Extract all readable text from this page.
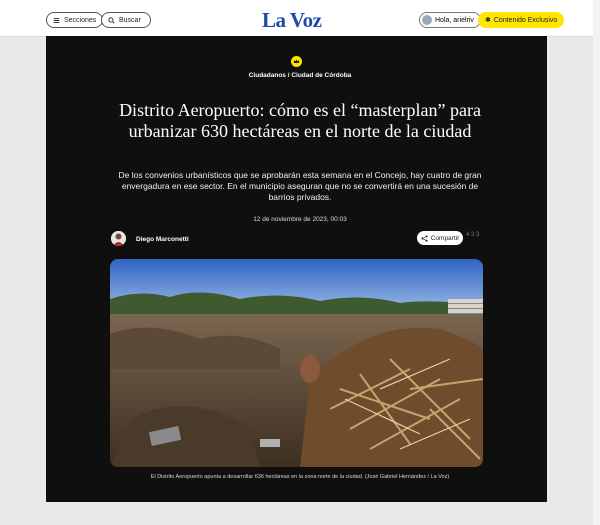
Secciones	Buscar	La Voz	Hola, arielriv ✱ Contenido Exclusivo
Ciudadanos / Ciudad de Córdoba
Distrito Aeropuerto: cómo es el “masterplan” para urbanizar 630 hectáreas en el norte de la ciudad

De los convenios urbanísticos que se aprobarán esta semana en el Concejo, hay cuatro de gran envergadura en ese sector. En el municipio aseguran que no se convertirá en una sucesión de barrios privados.

12 de noviembre de 2023, 00:03
Diego Marconetti	Compartir 4 3 3
El Distrito Aeropuerto apunta a desarrollar 636 hectáreas en la zona norte de la ciudad. (José Gabriel Hernández / La Voz)
